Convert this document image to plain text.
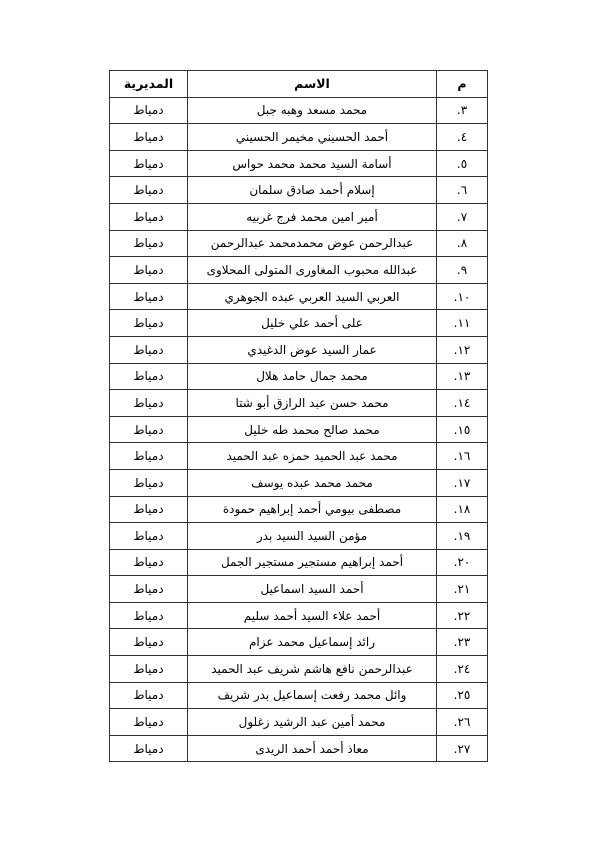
م	الاسم	المديرية
٣.	محمد مسعد وهبه جبل	دمياط
٤.	أحمد الحسيني مخيمر الحسيني	دمياط
٥.	أسامة السيد محمد محمد حواس	دمياط
٦.	إسلام أحمد صادق سلمان	دمياط
٧.	أمير امين محمد فرج غربيه	دمياط
٨.	عبدالرحمن عوض محمدمحمد عبدالرحمن	دمياط
٩.	عبدالله محبوب المغاورى المتولى المحلاوى	دمياط
١٠.	العربي السيد العربي عبده الجوهري	دمياط
١١.	على أحمد علي خليل	دمياط
١٢.	عمار السيد عوض الدغيدي	دمياط
١٣.	محمد جمال حامد هلال	دمياط
١٤.	محمد حسن عبد الرازق أبو شتا	دمياط
١٥.	محمد صالح محمد طه خليل	دمياط
١٦.	محمد عبد الحميد حمزه عبد الحميد	دمياط
١٧.	محمد محمد عبده يوسف	دمياط
١٨.	مصطفى بيومي أحمد إبراهيم حمودة	دمياط
١٩.	مؤمن السيد السيد بدر	دمياط
٢٠.	أحمد إبراهيم مستجير مستجير الجمل	دمياط
٢١.	أحمد السيد اسماعيل	دمياط
٢٢.	أحمد علاء السيد أحمد سليم	دمياط
٢٣.	رائد إسماعيل محمد عزام	دمياط
٢٤.	عبدالرحمن نافع هاشم شريف عبد الحميد	دمياط
٢٥.	وائل محمد رفعت إسماعيل بدر شريف	دمياط
٢٦.	محمد أمين عبد الرشيد زغلول	دمياط
٢٧.	معاذ أحمد أحمد الريدى	دمياط
